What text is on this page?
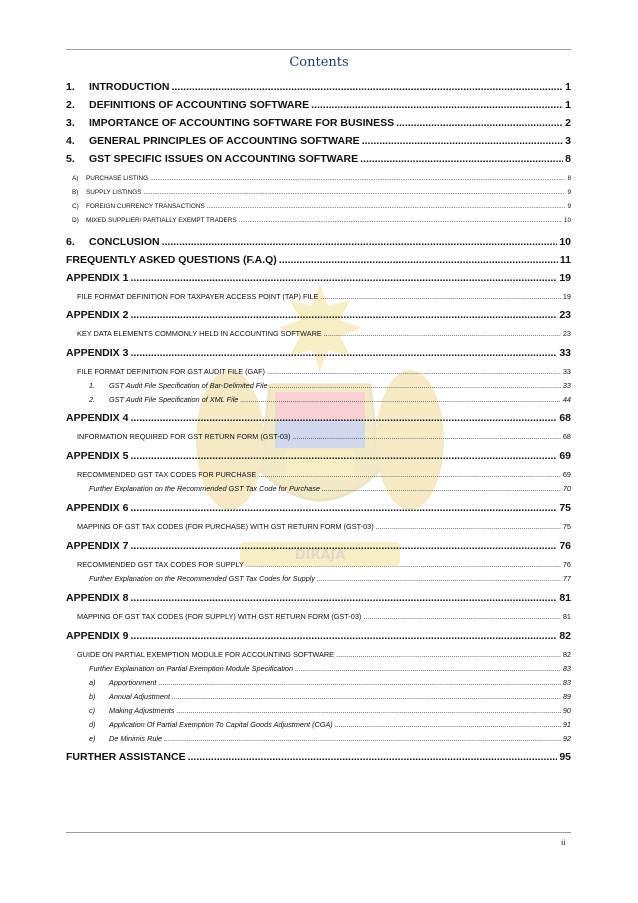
Contents
DIRAJA
1.	INTRODUCTION .....	1
2.	DEFINITIONS OF ACCOUNTING SOFTWARE .....	1
3.	IMPORTANCE OF ACCOUNTING SOFTWARE FOR BUSINESS .....	2
4.	GENERAL PRINCIPLES OF ACCOUNTING SOFTWARE .....	3
5.	GST SPECIFIC ISSUES ON ACCOUNTING SOFTWARE .....	8
A)	PURCHASE LISTING .....	8
B)	SUPPLY LISTINGS .....	9
C)	FOREIGN CURRENCY TRANSACTIONS .....	9
D)	MIXED SUPPLIER/ PARTIALLY EXEMPT TRADERS .....	10
6.	CONCLUSION .....	10
FREQUENTLY ASKED QUESTIONS (F.A.Q) .....	11
APPENDIX 1 .....	19
FILE FORMAT DEFINITION FOR TAXPAYER ACCESS POINT (TAP) FILE .....	19
APPENDIX 2 .....	23
KEY DATA ELEMENTS COMMONLY HELD IN ACCOUNTING SOFTWARE .....	23
APPENDIX 3 .....	33
FILE FORMAT DEFINITION FOR GST AUDIT FILE (GAF) .....	33
1.	GST Audit File Specification of Bar-Delimited File .....	33
2.	GST Audit File Specification of XML File .....	44
APPENDIX 4 .....	68
INFORMATION REQUIRED FOR GST RETURN FORM (GST-03) .....	68
APPENDIX 5 .....	69
RECOMMENDED GST TAX CODES FOR PURCHASE .....	69
Further Explanation on the Recommended GST Tax Code for Purchase .....	70
APPENDIX 6 .....	75
MAPPING OF GST TAX CODES (FOR PURCHASE) WITH GST RETURN FORM (GST-03) .....	75
APPENDIX 7 .....	76
RECOMMENDED GST TAX CODES FOR SUPPLY .....	76
Further Explanation on the Recommended GST Tax Codes for Supply .....	77
APPENDIX 8 .....	81
MAPPING OF GST TAX CODES (FOR SUPPLY) WITH GST RETURN FORM (GST-03) .....	81
APPENDIX 9 .....	82
GUIDE ON PARTIAL EXEMPTION MODULE FOR ACCOUNTING SOFTWARE .....	82
Further Explaination on Partial Exemption Module Specification .....	83
a)	Apportionment .....	83
b)	Annual Adjustment .....	89
c)	Making Adjustments .....	90
d)	Application Of Partial Exemption To Capital Goods Adjustment (CGA) .....	91
e)	De Minimis Rule .....	92
FURTHER ASSISTANCE .....	95
ii
